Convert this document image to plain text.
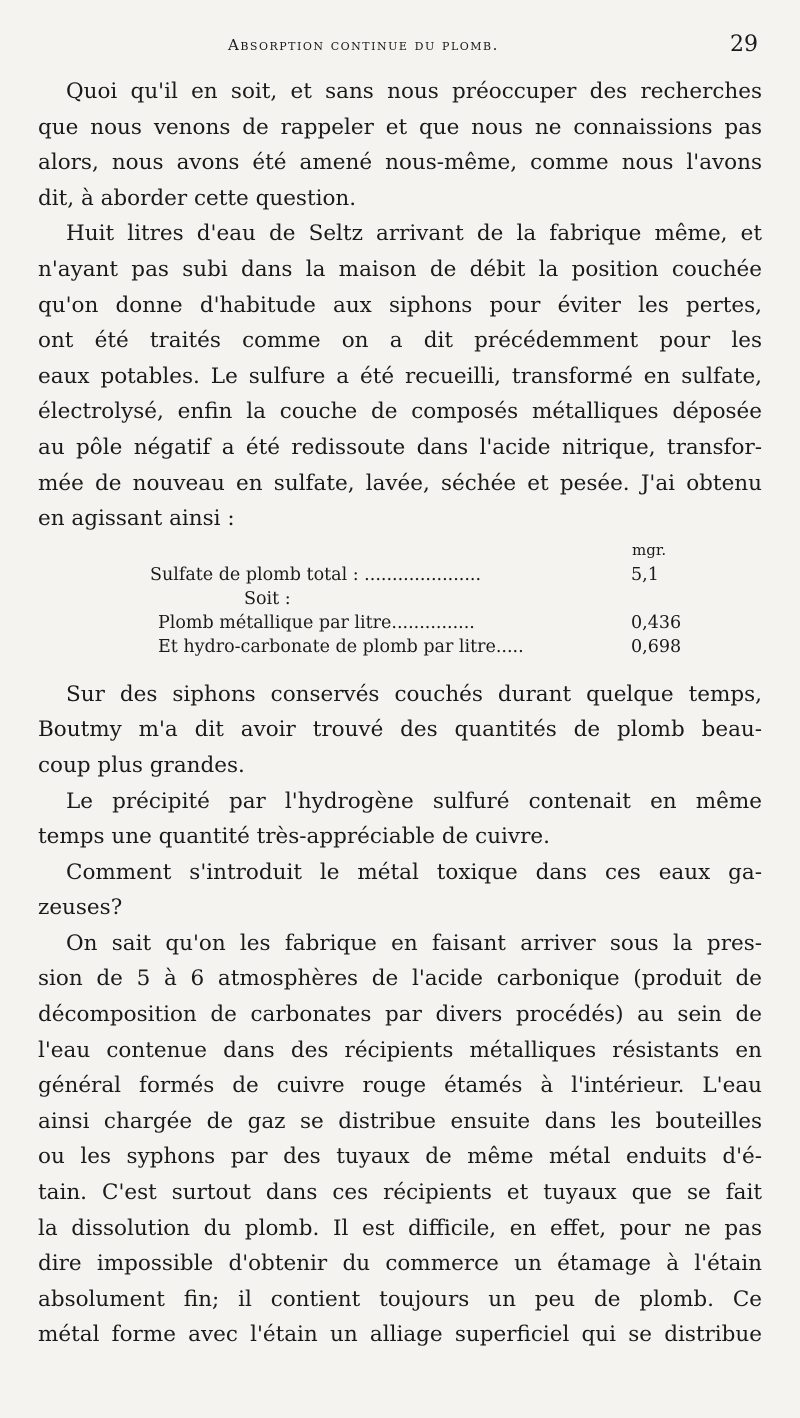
Absorption continue du plomb.	29
Quoi qu'il en soit, et sans nous préoccuper des recherches
que nous venons de rappeler et que nous ne connaissions pas
alors, nous avons été amené nous-même, comme nous l'avons
dit, à aborder cette question.
Huit litres d'eau de Seltz arrivant de la fabrique même, et
n'ayant pas subi dans la maison de débit la position couchée
qu'on donne d'habitude aux siphons pour éviter les pertes,
ont été traités comme on a dit précédemment pour les
eaux potables. Le sulfure a été recueilli, transformé en sulfate,
électrolysé, enfin la couche de composés métalliques déposée
au pôle négatif a été redissoute dans l'acide nitrique, transfor-
mée de nouveau en sulfate, lavée, séchée et pesée. J'ai obtenu
en agissant ainsi :
mgr.
Sulfate de plomb total : .....................	5,1
Soit :
Plomb métallique par litre...............	0,436
Et hydro-carbonate de plomb par litre.....	0,698
Sur des siphons conservés couchés durant quelque temps,
Boutmy m'a dit avoir trouvé des quantités de plomb beau-
coup plus grandes.
Le précipité par l'hydrogène sulfuré contenait en même
temps une quantité très-appréciable de cuivre.
Comment s'introduit le métal toxique dans ces eaux ga-
zeuses?
On sait qu'on les fabrique en faisant arriver sous la pres-
sion de 5 à 6 atmosphères de l'acide carbonique (produit de
décomposition de carbonates par divers procédés) au sein de
l'eau contenue dans des récipients métalliques résistants en
général formés de cuivre rouge étamés à l'intérieur. L'eau
ainsi chargée de gaz se distribue ensuite dans les bouteilles
ou les syphons par des tuyaux de même métal enduits d'é-
tain. C'est surtout dans ces récipients et tuyaux que se fait
la dissolution du plomb. Il est difficile, en effet, pour ne pas
dire impossible d'obtenir du commerce un étamage à l'étain
absolument fin; il contient toujours un peu de plomb. Ce
métal forme avec l'étain un alliage superficiel qui se distribue
